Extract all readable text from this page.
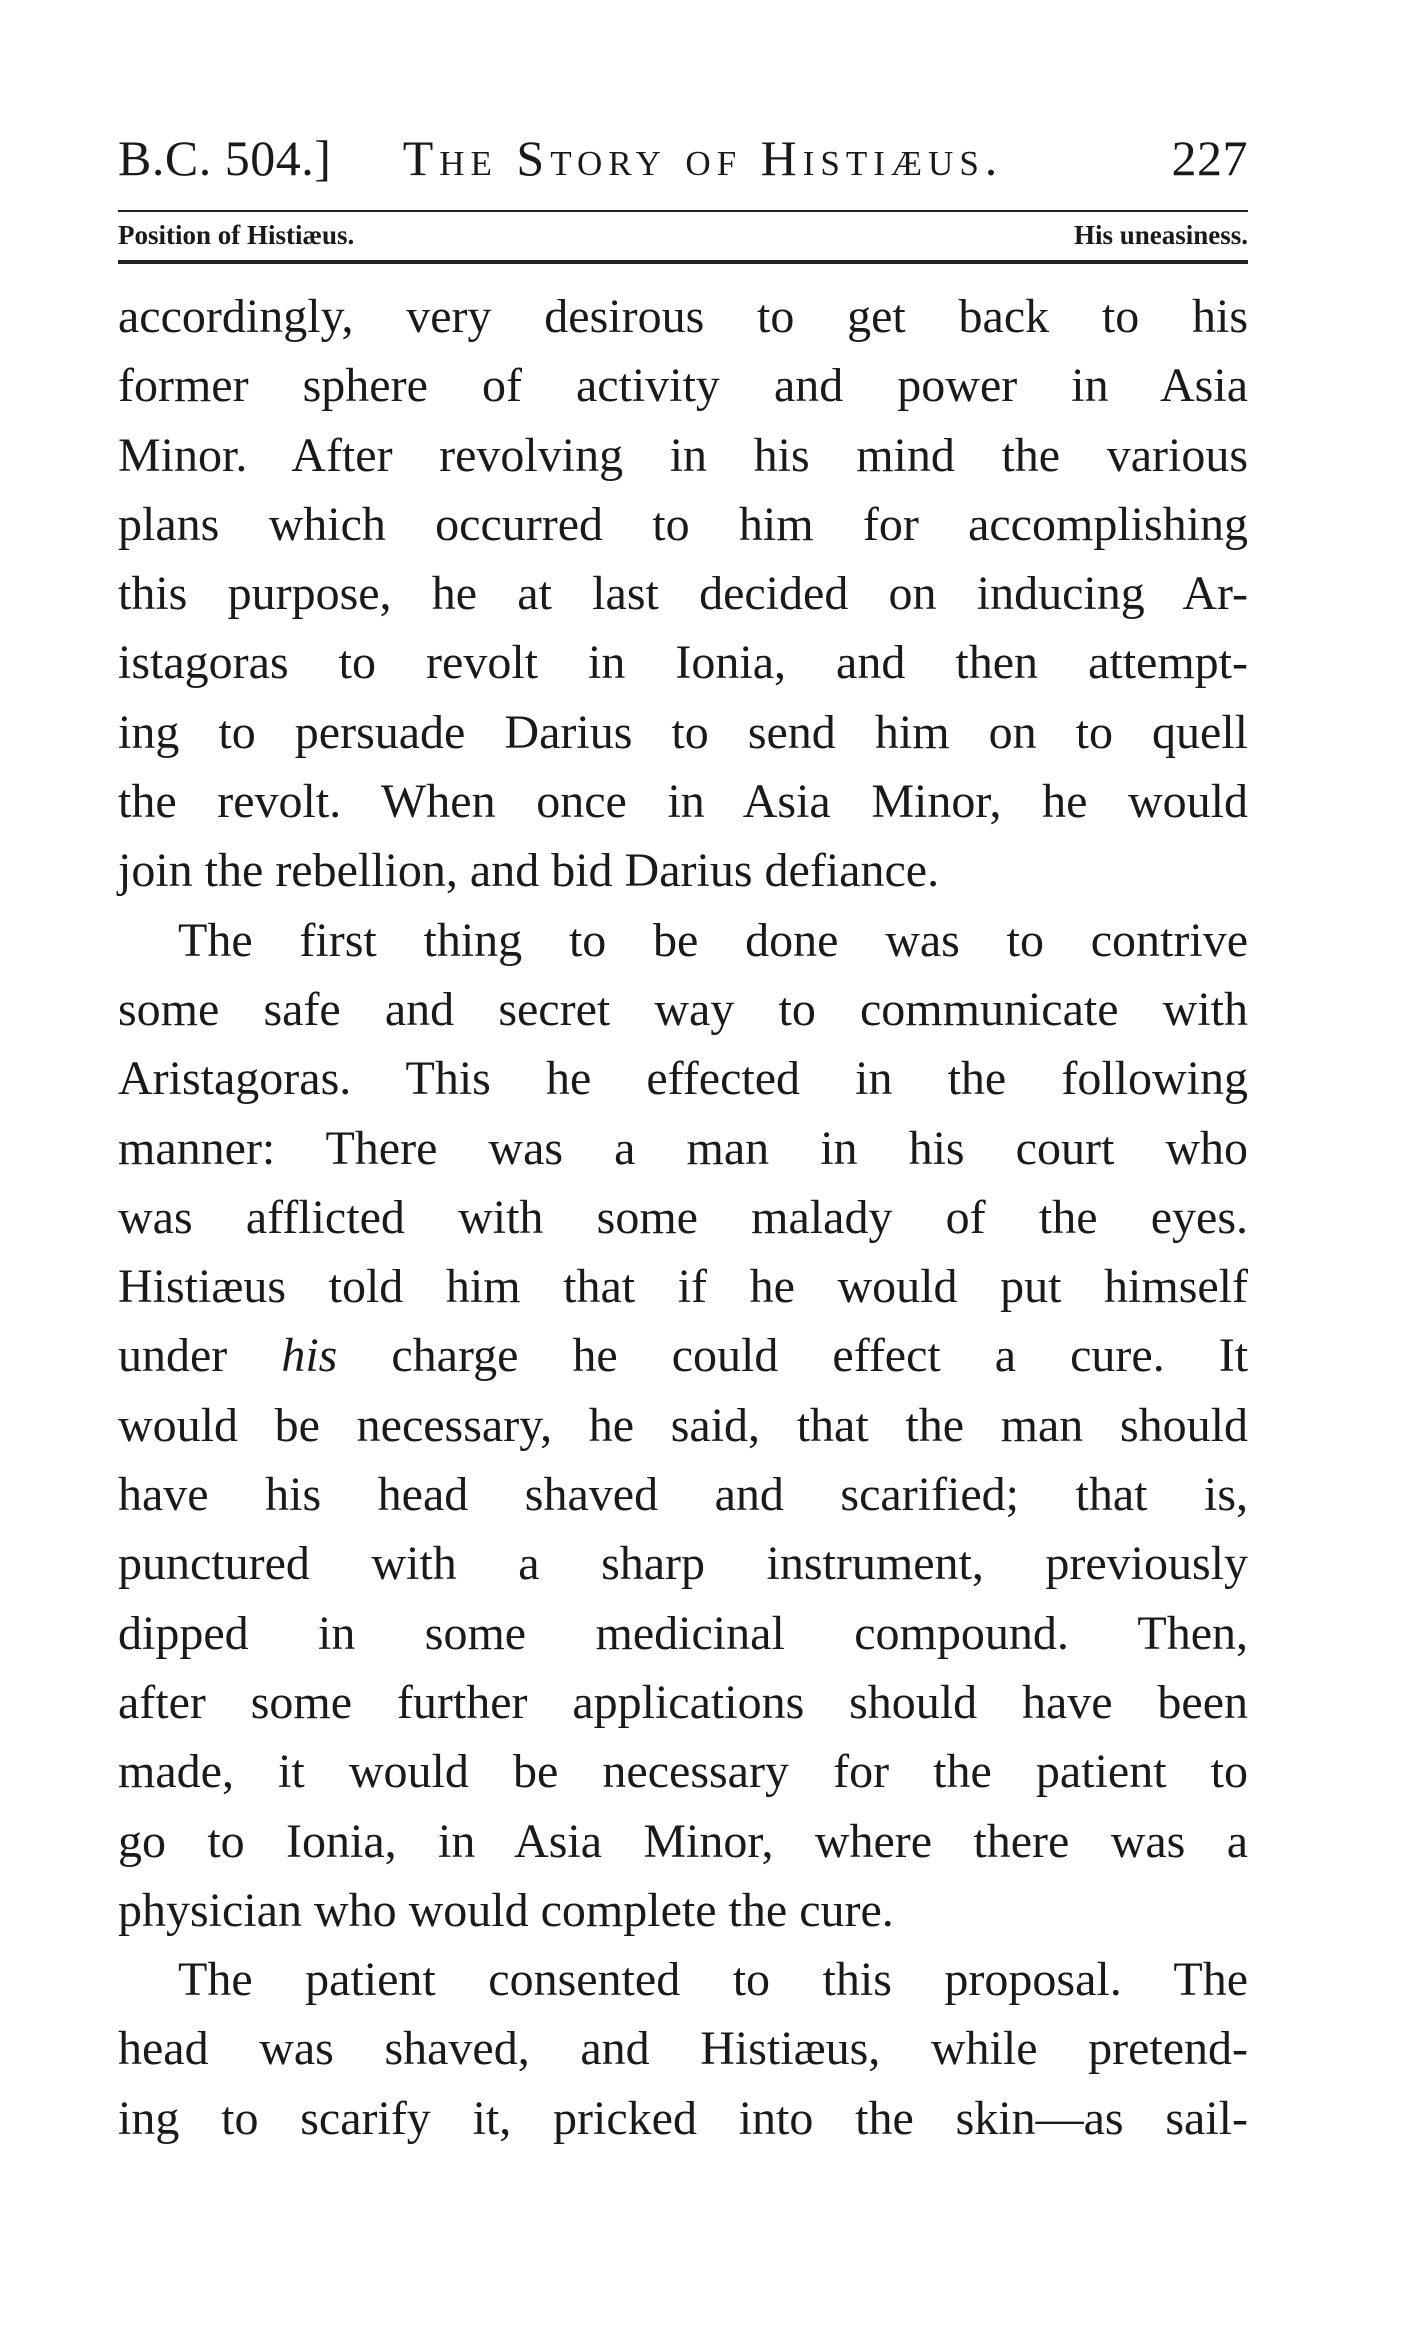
B.C. 504.]	The Story of Histiæus.	227
Position of Histiæus.	His uneasiness.
accordingly, very desirous to get back to his
former sphere of activity and power in Asia
Minor. After revolving in his mind the various
plans which occurred to him for accomplishing
this purpose, he at last decided on inducing Ar-
istagoras to revolt in Ionia, and then attempt-
ing to persuade Darius to send him on to quell
the revolt. When once in Asia Minor, he would
join the rebellion, and bid Darius defiance.
The first thing to be done was to contrive
some safe and secret way to communicate with
Aristagoras. This he effected in the following
manner: There was a man in his court who
was afflicted with some malady of the eyes.
Histiæus told him that if he would put himself
under his charge he could effect a cure. It
would be necessary, he said, that the man should
have his head shaved and scarified; that is,
punctured with a sharp instrument, previously
dipped in some medicinal compound. Then,
after some further applications should have been
made, it would be necessary for the patient to
go to Ionia, in Asia Minor, where there was a
physician who would complete the cure.
The patient consented to this proposal. The
head was shaved, and Histiæus, while pretend-
ing to scarify it, pricked into the skin—as sail-
